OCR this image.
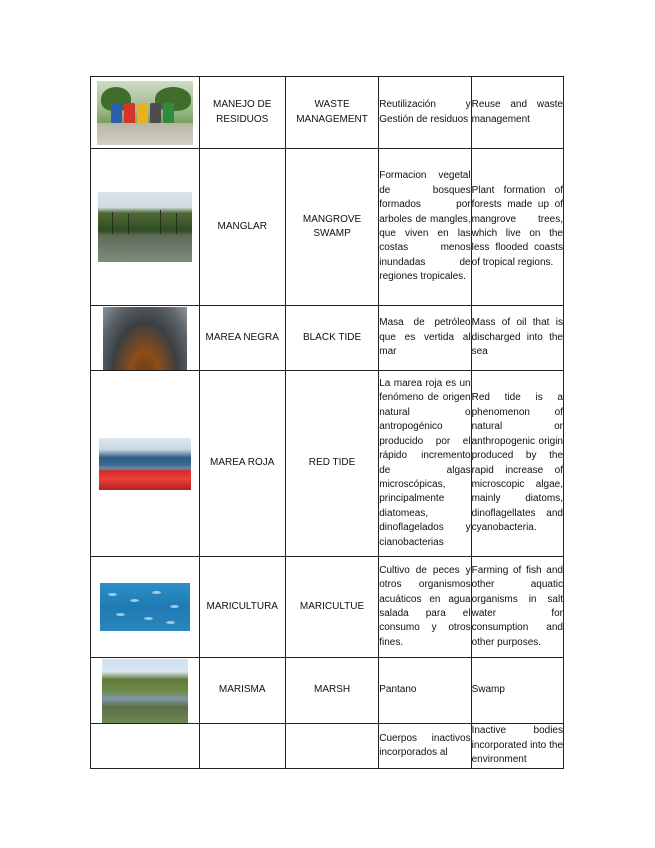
	MANEJO DE RESIDUOS	WASTE MANAGEMENT	Reutilización y Gestión de residuos	Reuse and waste management

	MANGLAR	MANGROVE SWAMP	Formacion vegetal de bosques formados por arboles de mangles, que viven en las costas menos inundadas de regiones tropicales.	Plant formation of forests made up of mangrove trees, which live on the less flooded coasts of tropical regions.

	MAREA NEGRA	BLACK TIDE	Masa de petróleo que es vertida al mar	Mass of oil that is discharged into the sea

	MAREA ROJA	RED TIDE	La marea roja es un fenómeno de origen natural o antropogénico producido por el rápido incremento de algas microscópicas, principalmente diatomeas, dinoflagelados y cianobacterias	Red tide is a phenomenon of natural or anthropogenic origin produced by the rapid increase of microscopic algae, mainly diatoms, dinoflagellates and cyanobacteria.

	MARICULTURA	MARICULTUE	Cultivo de peces y otros organismos acuáticos en agua salada para el consumo y otros fines.	Farming of fish and other aquatic organisms in salt water for consumption and other purposes.

	MARISMA	MARSH	Pantano	Swamp
			Cuerpos inactivos incorporados al	Inactive bodies incorporated into the environment
